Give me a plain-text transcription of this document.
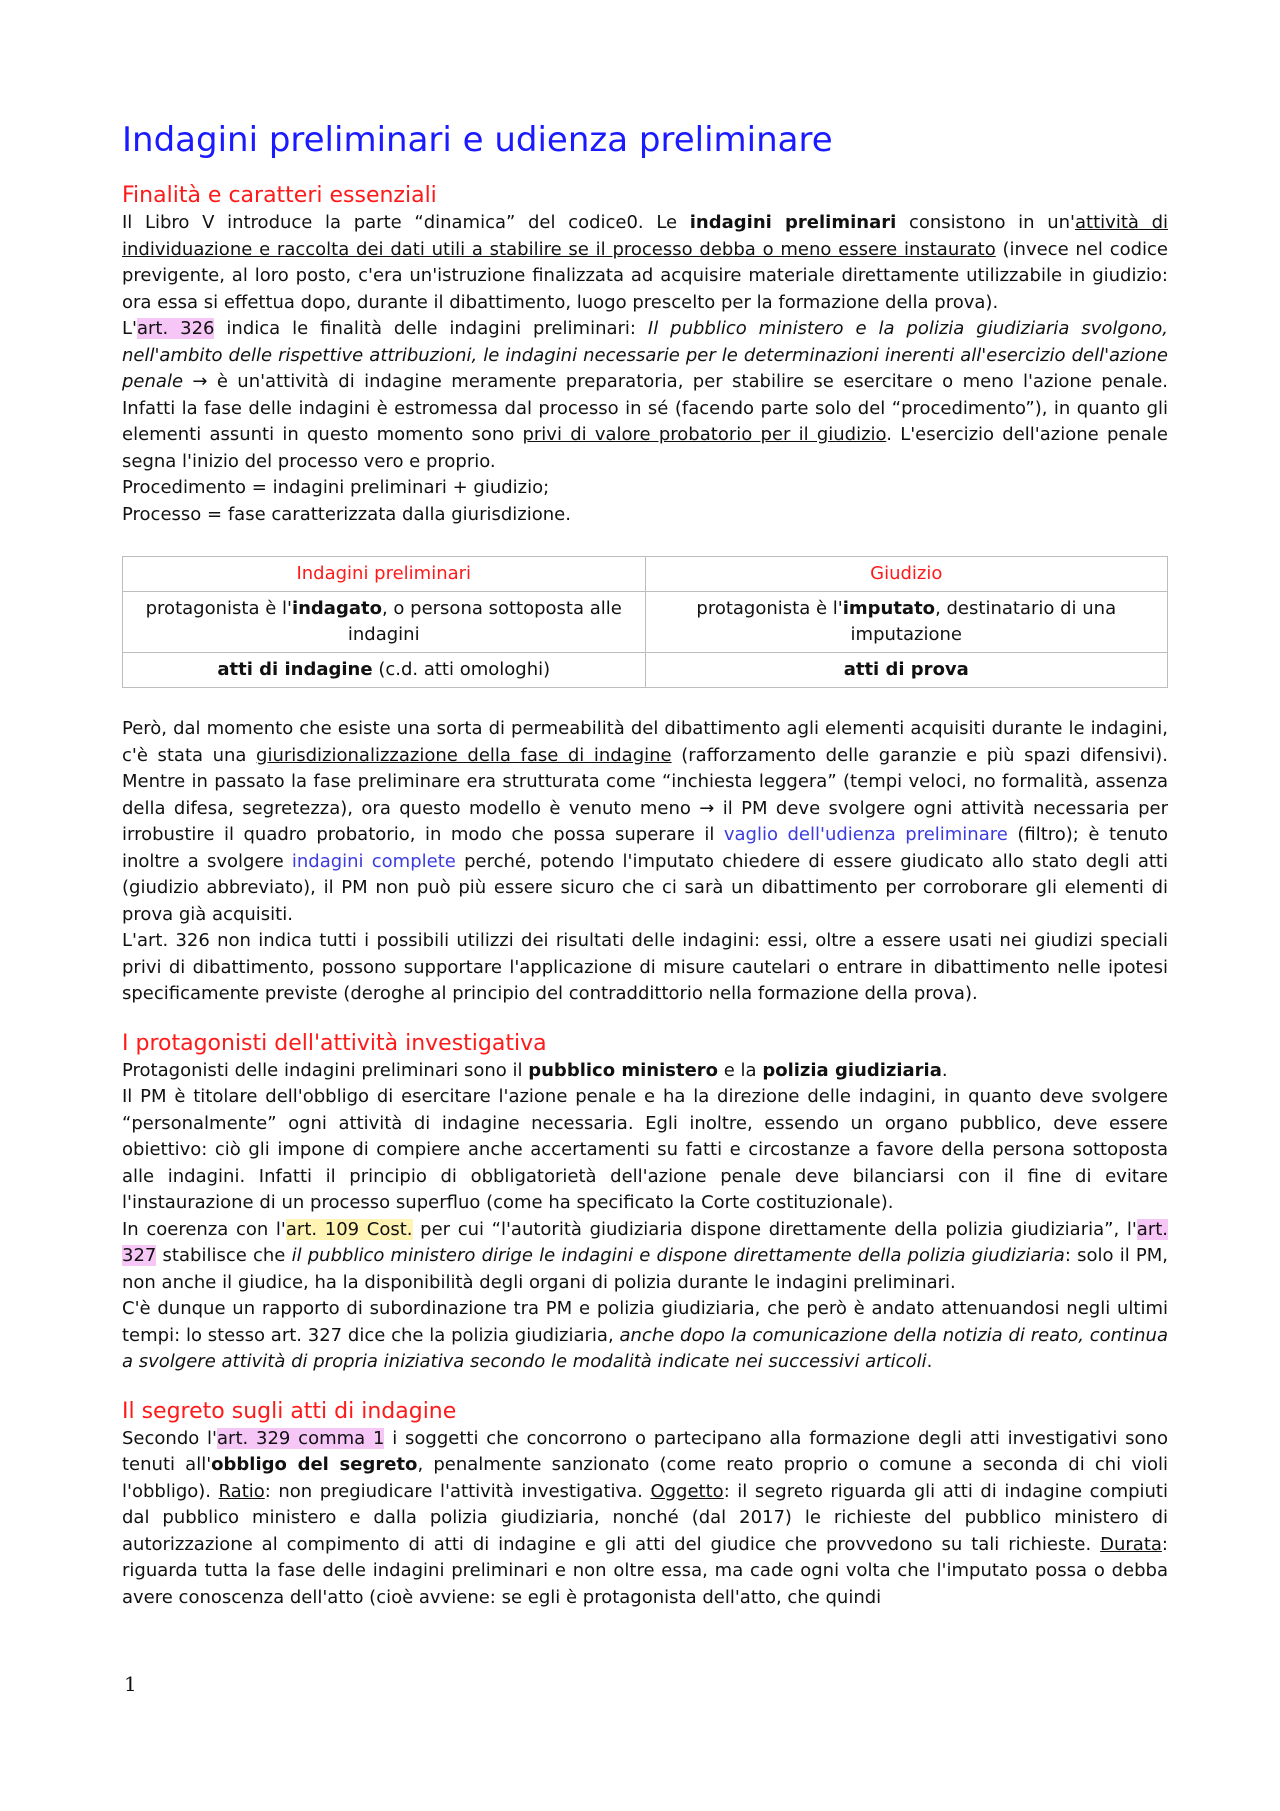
Indagini preliminari e udienza preliminare
Finalità e caratteri essenziali

Il Libro V introduce la parte “dinamica” del codice0. Le indagini preliminari consistono in un'attività di individuazione e raccolta dei dati utili a stabilire se il processo debba o meno essere instaurato (invece nel codice previgente, al loro posto, c'era un'istruzione finalizzata ad acquisire materiale direttamente utilizzabile in giudizio: ora essa si effettua dopo, durante il dibattimento, luogo prescelto per la formazione della prova).

L'art. 326 indica le finalità delle indagini preliminari: Il pubblico ministero e la polizia giudiziaria svolgono, nell'ambito delle rispettive attribuzioni, le indagini necessarie per le determinazioni inerenti all'esercizio dell'azione penale → è un'attività di indagine meramente preparatoria, per stabilire se esercitare o meno l'azione penale. Infatti la fase delle indagini è estromessa dal processo in sé (facendo parte solo del “procedimento”), in quanto gli elementi assunti in questo momento sono privi di valore probatorio per il giudizio. L'esercizio dell'azione penale segna l'inizio del processo vero e proprio.

Procedimento = indagini preliminari + giudizio;

Processo = fase caratterizzata dalla giurisdizione.

Indagini preliminari	Giudizio
protagonista è l'indagato, o persona sottoposta alle indagini	protagonista è l'imputato, destinatario di una imputazione
atti di indagine (c.d. atti omologhi)	atti di prova

Però, dal momento che esiste una sorta di permeabilità del dibattimento agli elementi acquisiti durante le indagini, c'è stata una giurisdizionalizzazione della fase di indagine (rafforzamento delle garanzie e più spazi difensivi). Mentre in passato la fase preliminare era strutturata come “inchiesta leggera” (tempi veloci, no formalità, assenza della difesa, segretezza), ora questo modello è venuto meno → il PM deve svolgere ogni attività necessaria per irrobustire il quadro probatorio, in modo che possa superare il vaglio dell'udienza preliminare (filtro); è tenuto inoltre a svolgere indagini complete perché, potendo l'imputato chiedere di essere giudicato allo stato degli atti (giudizio abbreviato), il PM non può più essere sicuro che ci sarà un dibattimento per corroborare gli elementi di prova già acquisiti.

L'art. 326 non indica tutti i possibili utilizzi dei risultati delle indagini: essi, oltre a essere usati nei giudizi speciali privi di dibattimento, possono supportare l'applicazione di misure cautelari o entrare in dibattimento nelle ipotesi specificamente previste (deroghe al principio del contraddittorio nella formazione della prova).

I protagonisti dell'attività investigativa

Protagonisti delle indagini preliminari sono il pubblico ministero e la polizia giudiziaria.

Il PM è titolare dell'obbligo di esercitare l'azione penale e ha la direzione delle indagini, in quanto deve svolgere “personalmente” ogni attività di indagine necessaria. Egli inoltre, essendo un organo pubblico, deve essere obiettivo: ciò gli impone di compiere anche accertamenti su fatti e circostanze a favore della persona sottoposta alle indagini. Infatti il principio di obbligatorietà dell'azione penale deve bilanciarsi con il fine di evitare l'instaurazione di un processo superfluo (come ha specificato la Corte costituzionale).

In coerenza con l'art. 109 Cost. per cui “l'autorità giudiziaria dispone direttamente della polizia giudiziaria”, l'art. 327 stabilisce che il pubblico ministero dirige le indagini e dispone direttamente della polizia giudiziaria: solo il PM, non anche il giudice, ha la disponibilità degli organi di polizia durante le indagini preliminari.

C'è dunque un rapporto di subordinazione tra PM e polizia giudiziaria, che però è andato attenuandosi negli ultimi tempi: lo stesso art. 327 dice che la polizia giudiziaria, anche dopo la comunicazione della notizia di reato, continua a svolgere attività di propria iniziativa secondo le modalità indicate nei successivi articoli.

Il segreto sugli atti di indagine

Secondo l'art. 329 comma 1 i soggetti che concorrono o partecipano alla formazione degli atti investigativi sono tenuti all'obbligo del segreto, penalmente sanzionato (come reato proprio o comune a seconda di chi violi l'obbligo). Ratio: non pregiudicare l'attività investigativa. Oggetto: il segreto riguarda gli atti di indagine compiuti dal pubblico ministero e dalla polizia giudiziaria, nonché (dal 2017) le richieste del pubblico ministero di autorizzazione al compimento di atti di indagine e gli atti del giudice che provvedono su tali richieste. Durata: riguarda tutta la fase delle indagini preliminari e non oltre essa, ma cade ogni volta che l'imputato possa o debba avere conoscenza dell'atto (cioè avviene: se egli è protagonista dell'atto, che quindi

1
